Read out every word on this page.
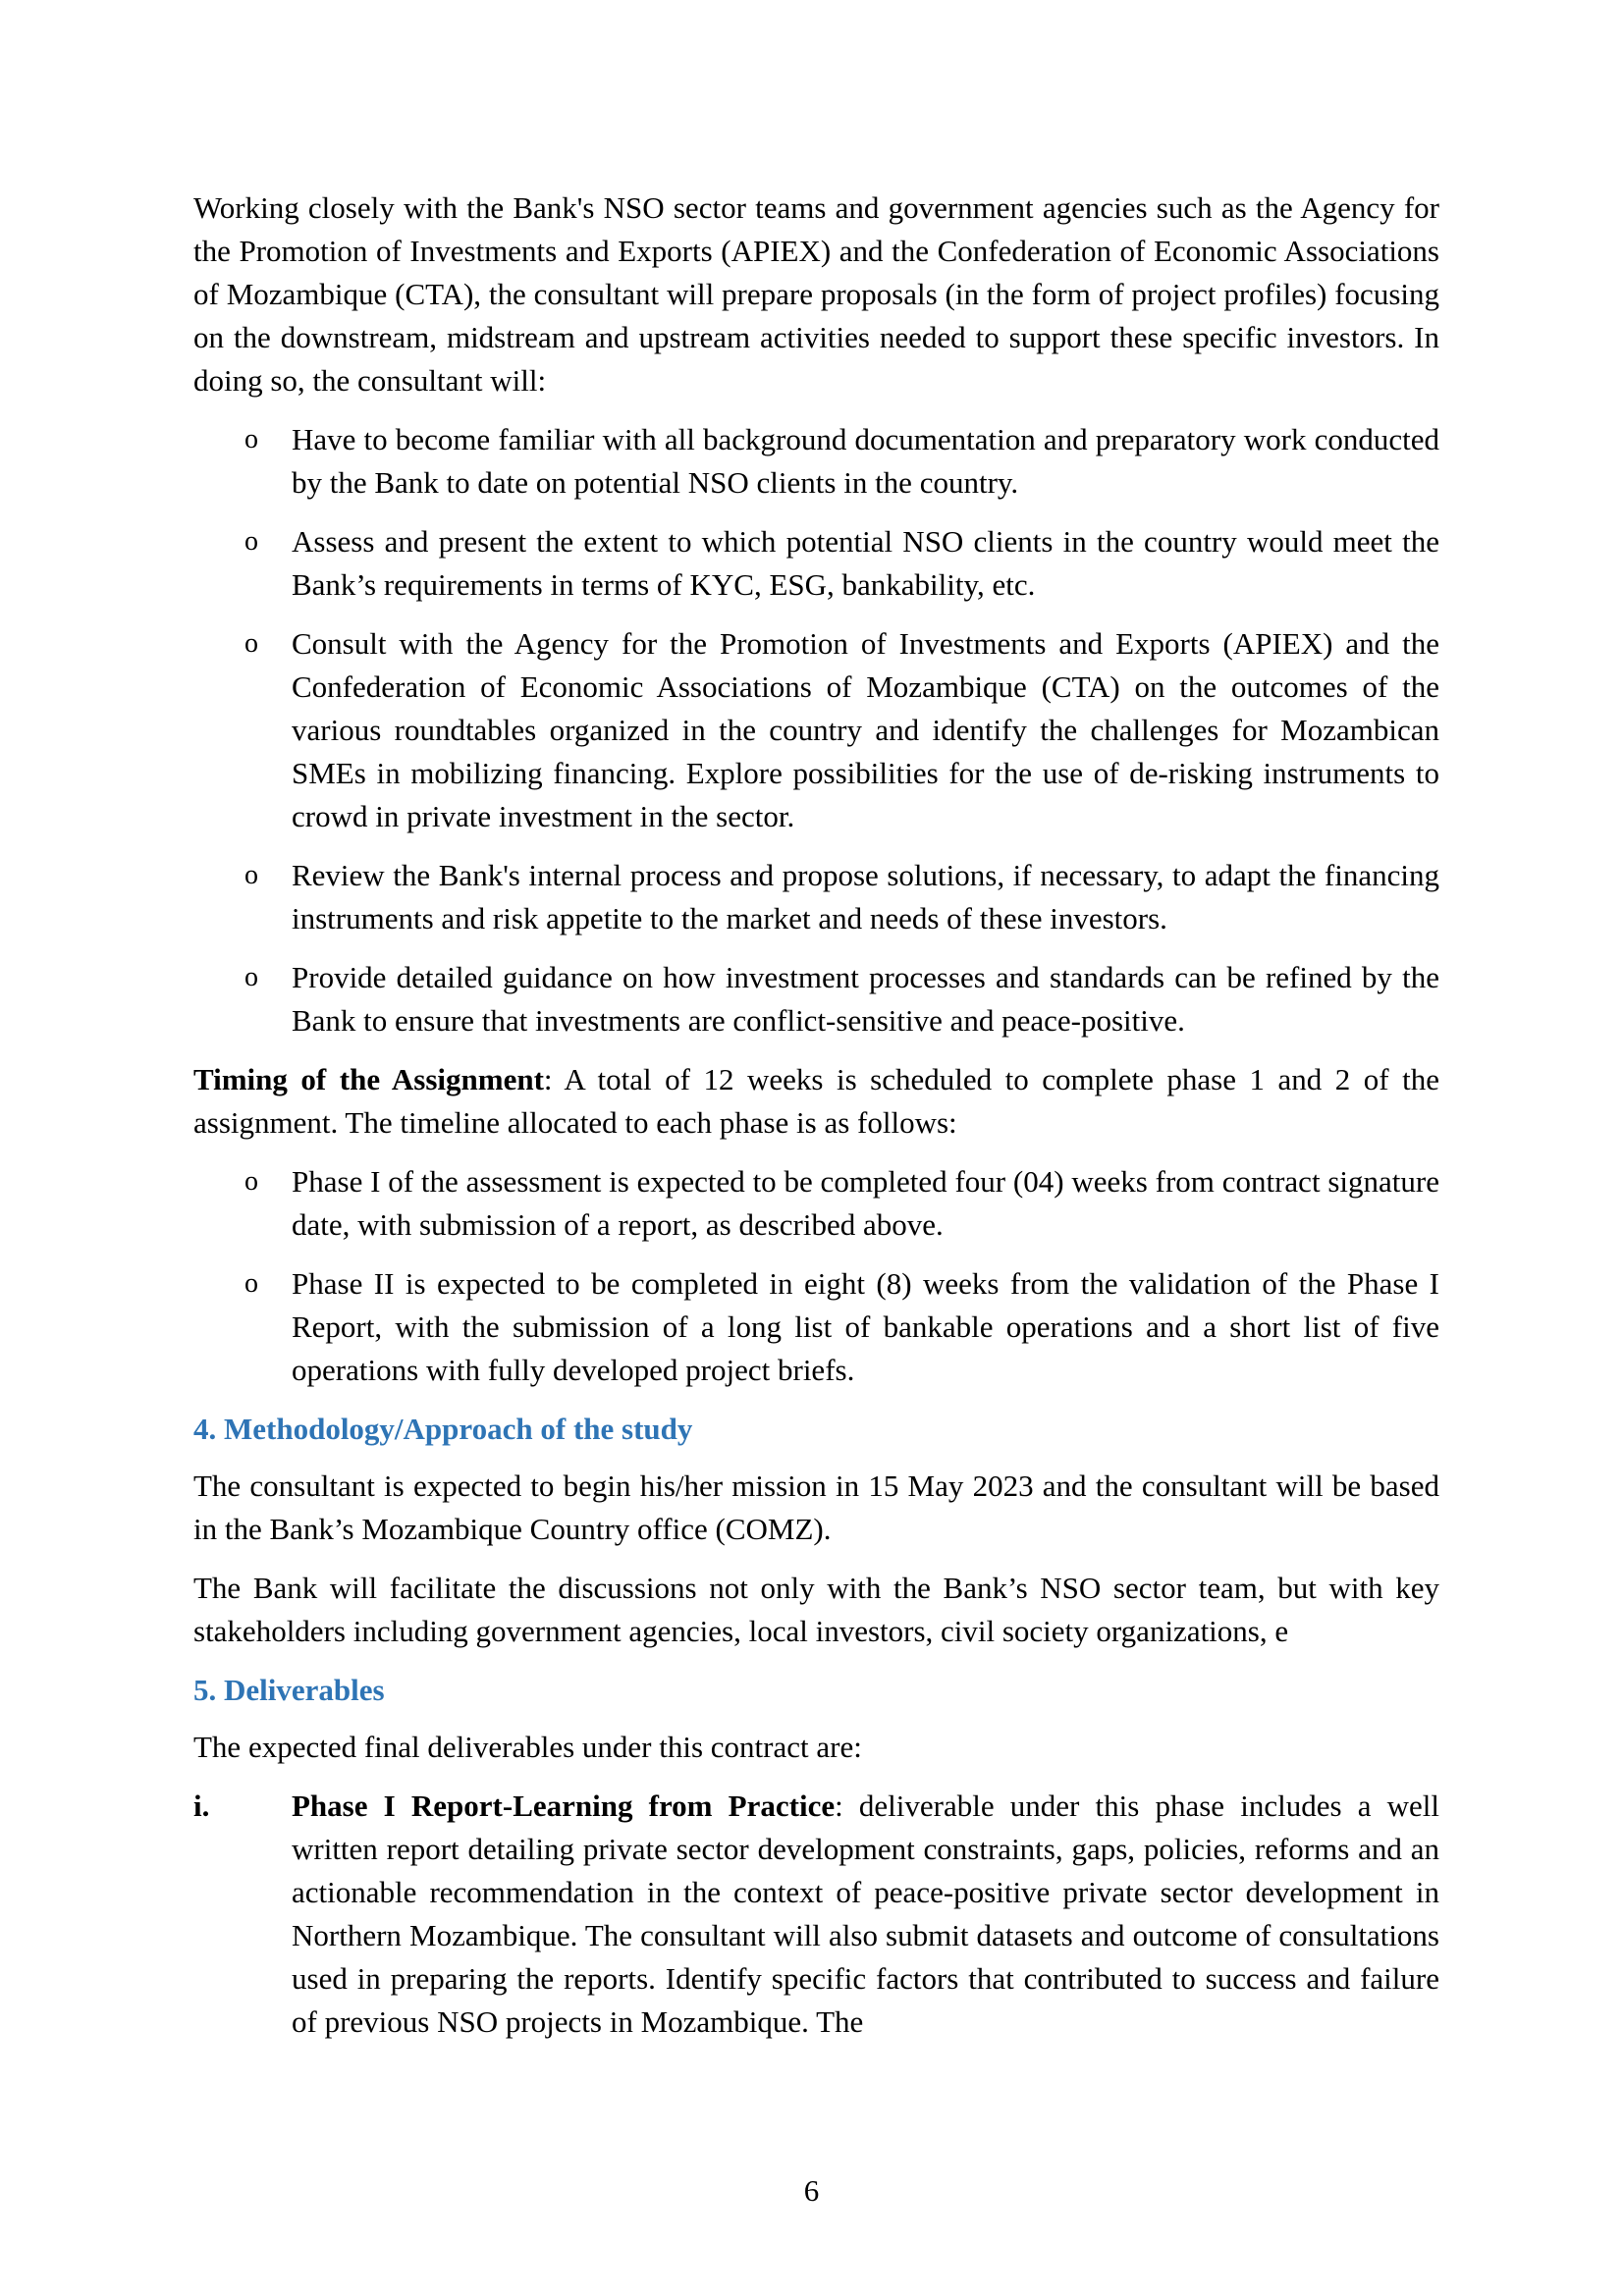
Working closely with the Bank's NSO sector teams and government agencies such as the Agency for the Promotion of Investments and Exports (APIEX) and the Confederation of Economic Associations of Mozambique (CTA), the consultant will prepare proposals (in the form of project profiles) focusing on the downstream, midstream and upstream activities needed to support these specific investors. In doing so, the consultant will:

o Have to become familiar with all background documentation and preparatory work conducted by the Bank to date on potential NSO clients in the country.
o Assess and present the extent to which potential NSO clients in the country would meet the Bank’s requirements in terms of KYC, ESG, bankability, etc.
o Consult with the Agency for the Promotion of Investments and Exports (APIEX) and the Confederation of Economic Associations of Mozambique (CTA) on the outcomes of the various roundtables organized in the country and identify the challenges for Mozambican SMEs in mobilizing financing. Explore possibilities for the use of de-risking instruments to crowd in private investment in the sector.
o Review the Bank's internal process and propose solutions, if necessary, to adapt the financing instruments and risk appetite to the market and needs of these investors.
o Provide detailed guidance on how investment processes and standards can be refined by the Bank to ensure that investments are conflict-sensitive and peace-positive.

Timing of the Assignment: A total of 12 weeks is scheduled to complete phase 1 and 2 of the assignment. The timeline allocated to each phase is as follows:

o Phase I of the assessment is expected to be completed four (04) weeks from contract signature date, with submission of a report, as described above.
o Phase II is expected to be completed in eight (8) weeks from the validation of the Phase I Report, with the submission of a long list of bankable operations and a short list of five operations with fully developed project briefs.
4. Methodology/Approach of the study

The consultant is expected to begin his/her mission in 15 May 2023 and the consultant will be based in the Bank’s Mozambique Country office (COMZ).

The Bank will facilitate the discussions not only with the Bank’s NSO sector team, but with key stakeholders including government agencies, local investors, civil society organizations, e

5. Deliverables

The expected final deliverables under this contract are:

i.	Phase I Report-Learning from Practice: deliverable under this phase includes a well written report detailing private sector development constraints, gaps, policies, reforms and an actionable recommendation in the context of peace-positive private sector development in Northern Mozambique. The consultant will also submit datasets and outcome of consultations used in preparing the reports. Identify specific factors that contributed to success and failure of previous NSO projects in Mozambique. The

6
